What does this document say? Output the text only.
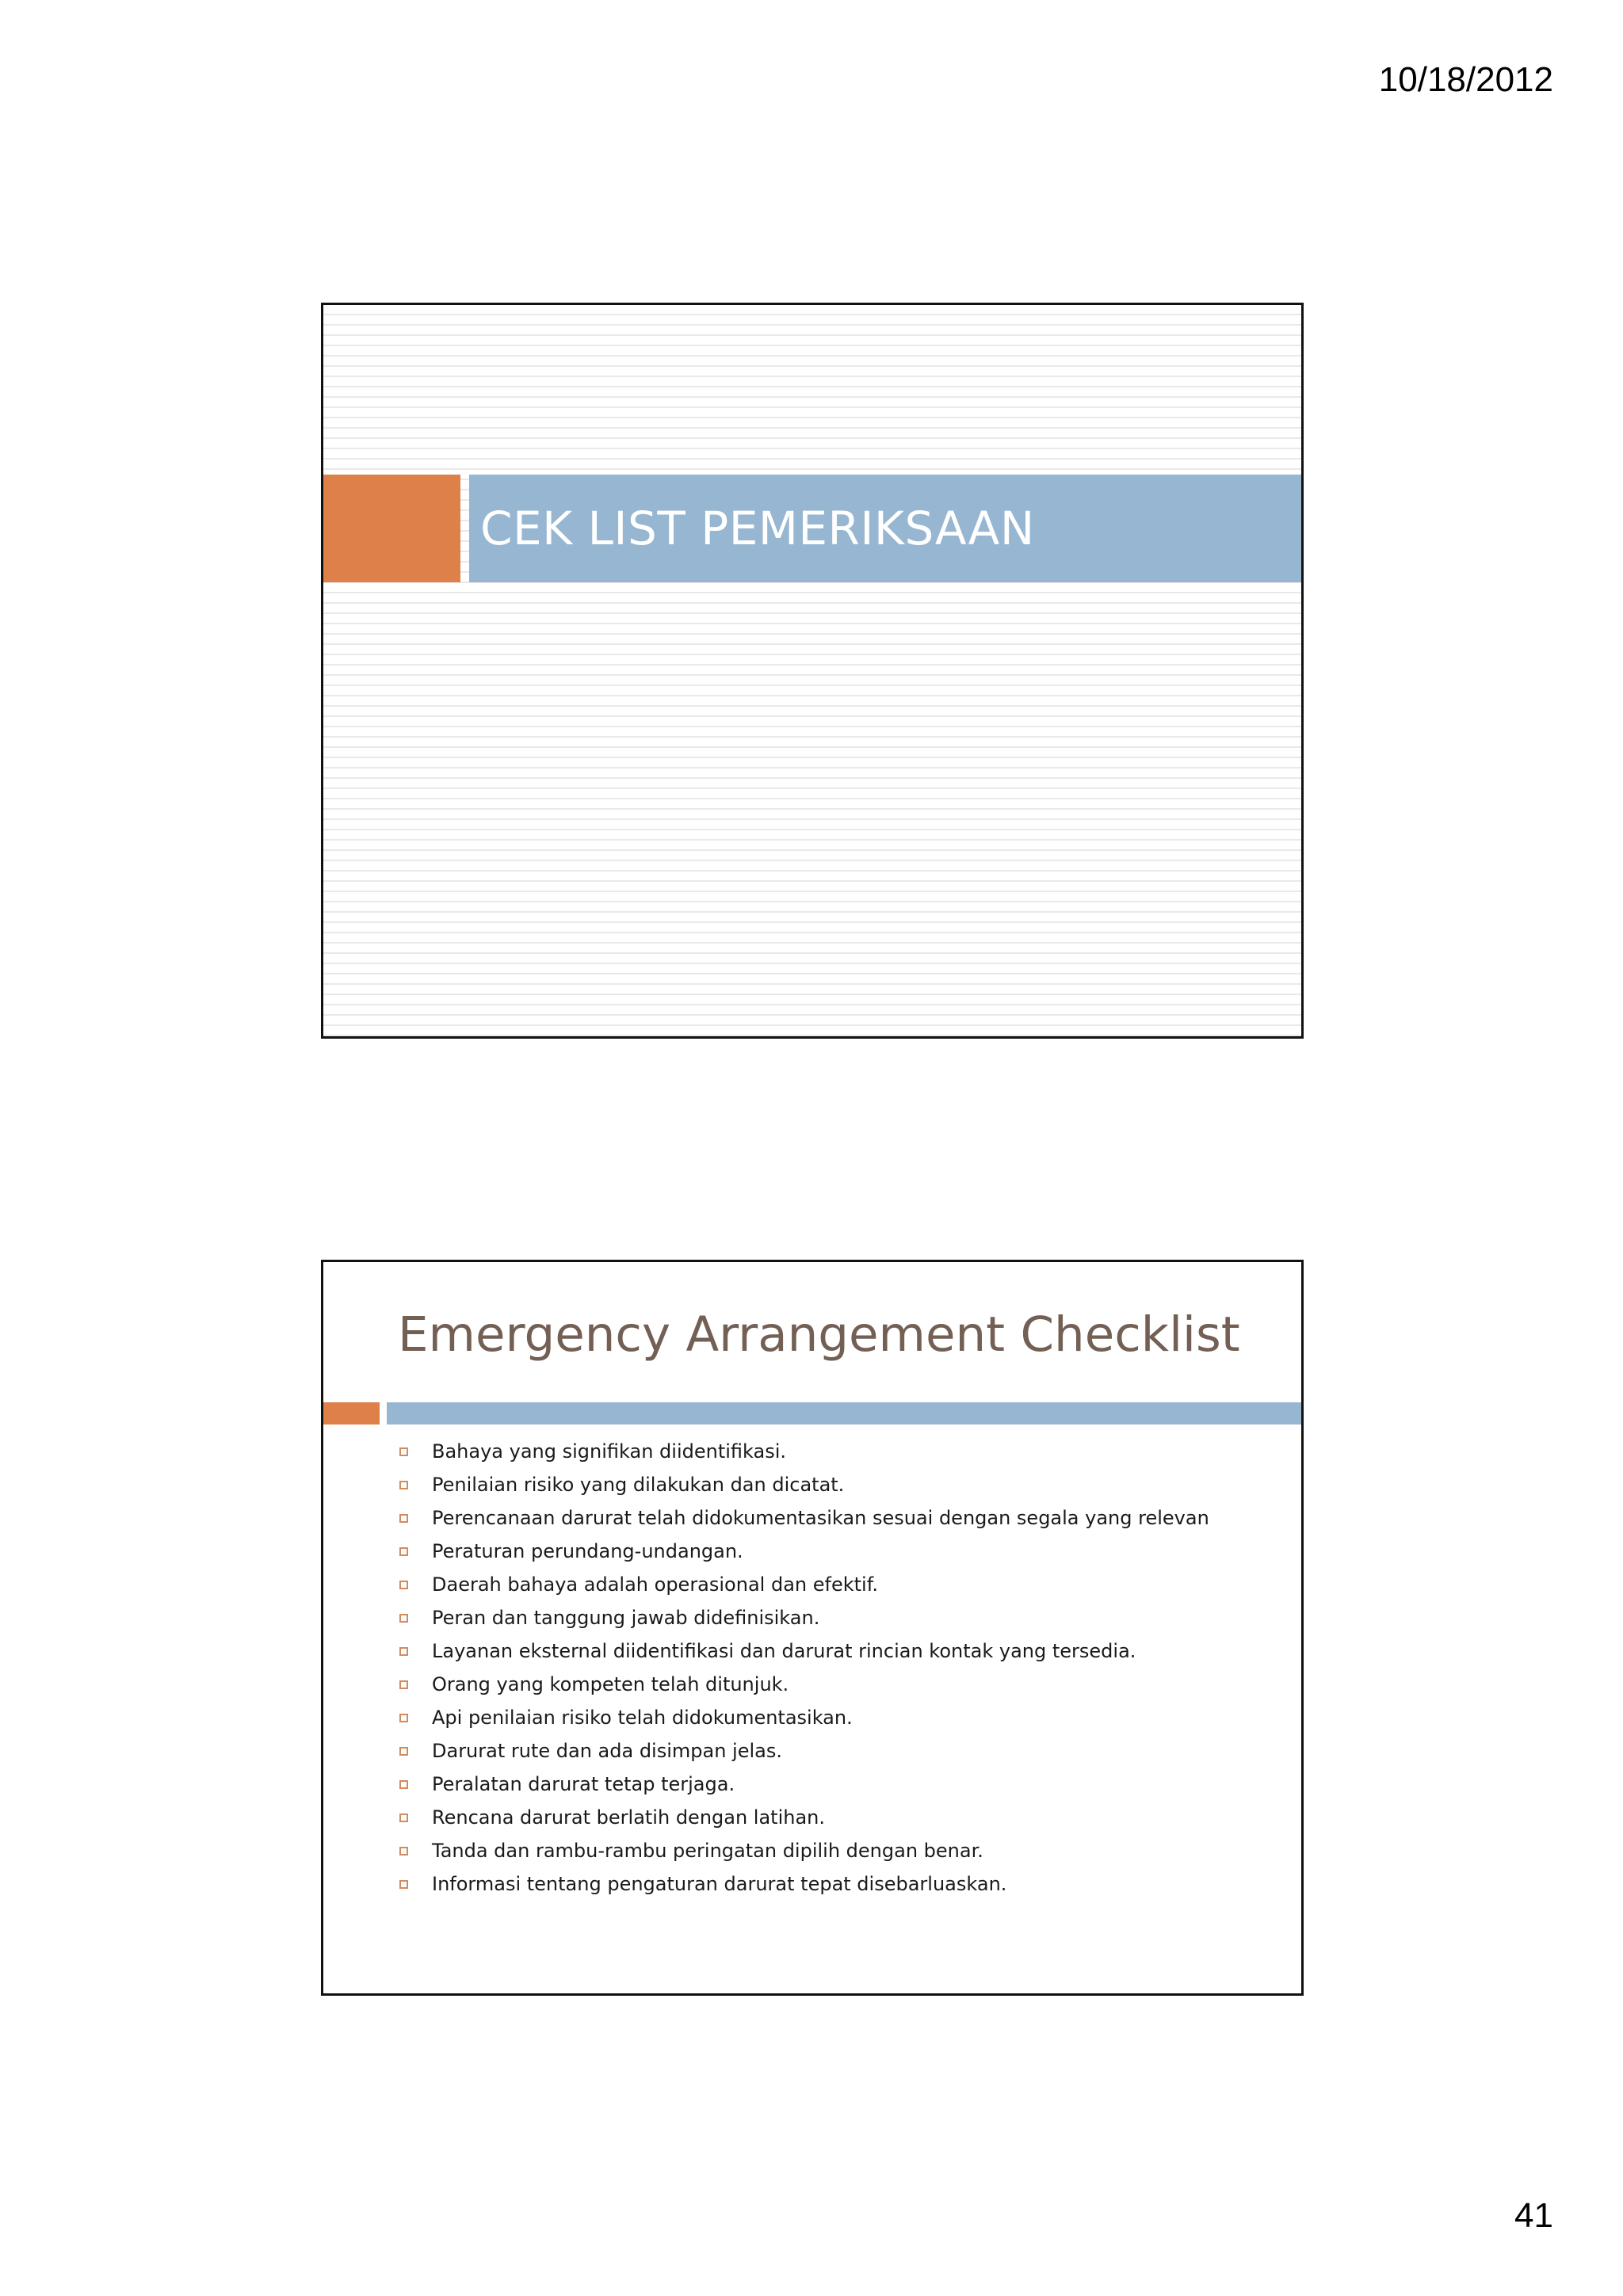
10/18/2012
CEK LIST PEMERIKSAAN
Emergency Arrangement Checklist
Bahaya yang signifikan diidentifikasi.
Penilaian risiko yang dilakukan dan dicatat.
Perencanaan darurat telah didokumentasikan sesuai dengan segala yang relevan
Peraturan perundang-undangan.
Daerah bahaya adalah operasional dan efektif.
Peran dan tanggung jawab didefinisikan.
Layanan eksternal diidentifikasi dan darurat rincian kontak yang tersedia.
Orang yang kompeten telah ditunjuk.
Api penilaian risiko telah didokumentasikan.
Darurat rute dan ada disimpan jelas.
Peralatan darurat tetap terjaga.
Rencana darurat berlatih dengan latihan.
Tanda dan rambu-rambu peringatan dipilih dengan benar.
Informasi tentang pengaturan darurat tepat disebarluaskan.
41
